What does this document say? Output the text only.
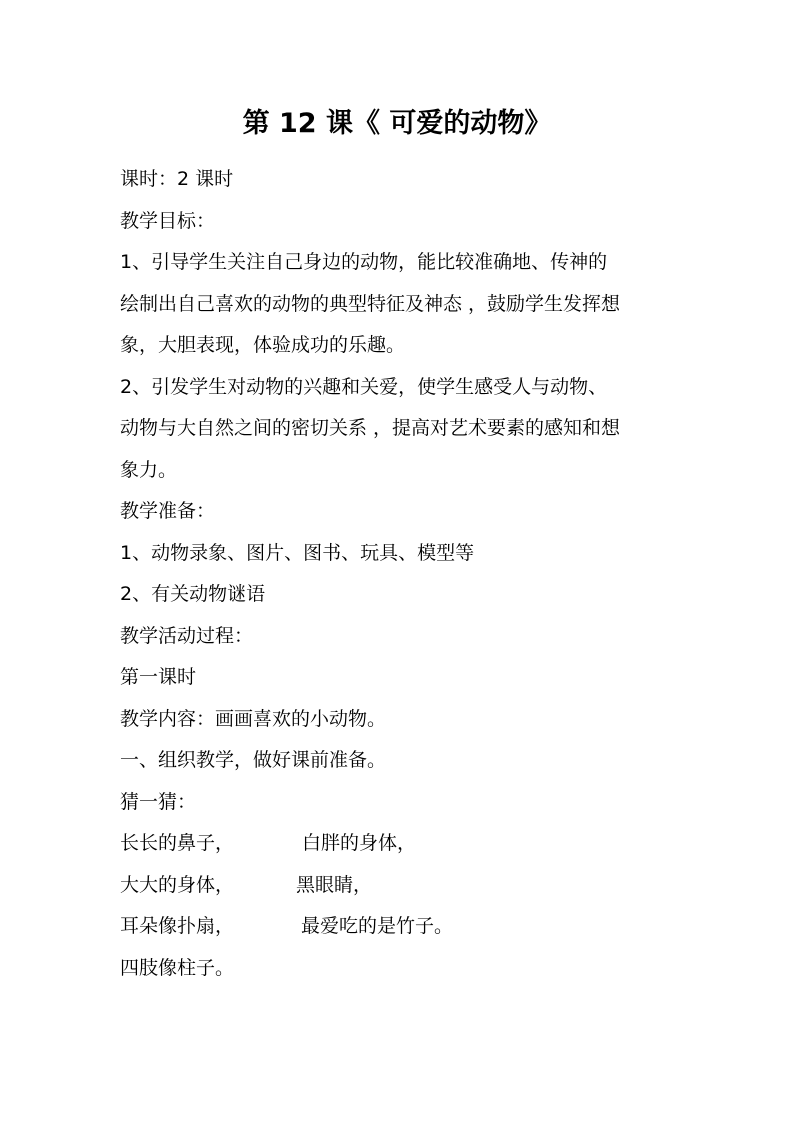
第 12 课《 可爱的动物》
课时：2 课时
教学目标：
1、引导学生关注自己身边的动物，能比较准确地、传神的
绘制出自己喜欢的动物的典型特征及神态 ，鼓励学生发挥想
象，大胆表现，体验成功的乐趣。
2、引发学生对动物的兴趣和关爱，使学生感受人与动物、
动物与大自然之间的密切关系 ，提高对艺术要素的感知和想
象力。
教学准备：
1、动物录象、图片、图书、玩具、模型等
2、有关动物谜语
教学活动过程：
第一课时
教学内容：画画喜欢的小动物。
一、组织教学，做好课前准备。
猜一猜：
长长的鼻子，	白胖的身体，
大大的身体，	黑眼睛，
耳朵像扑扇，	最爱吃的是竹子。
四肢像柱子。
